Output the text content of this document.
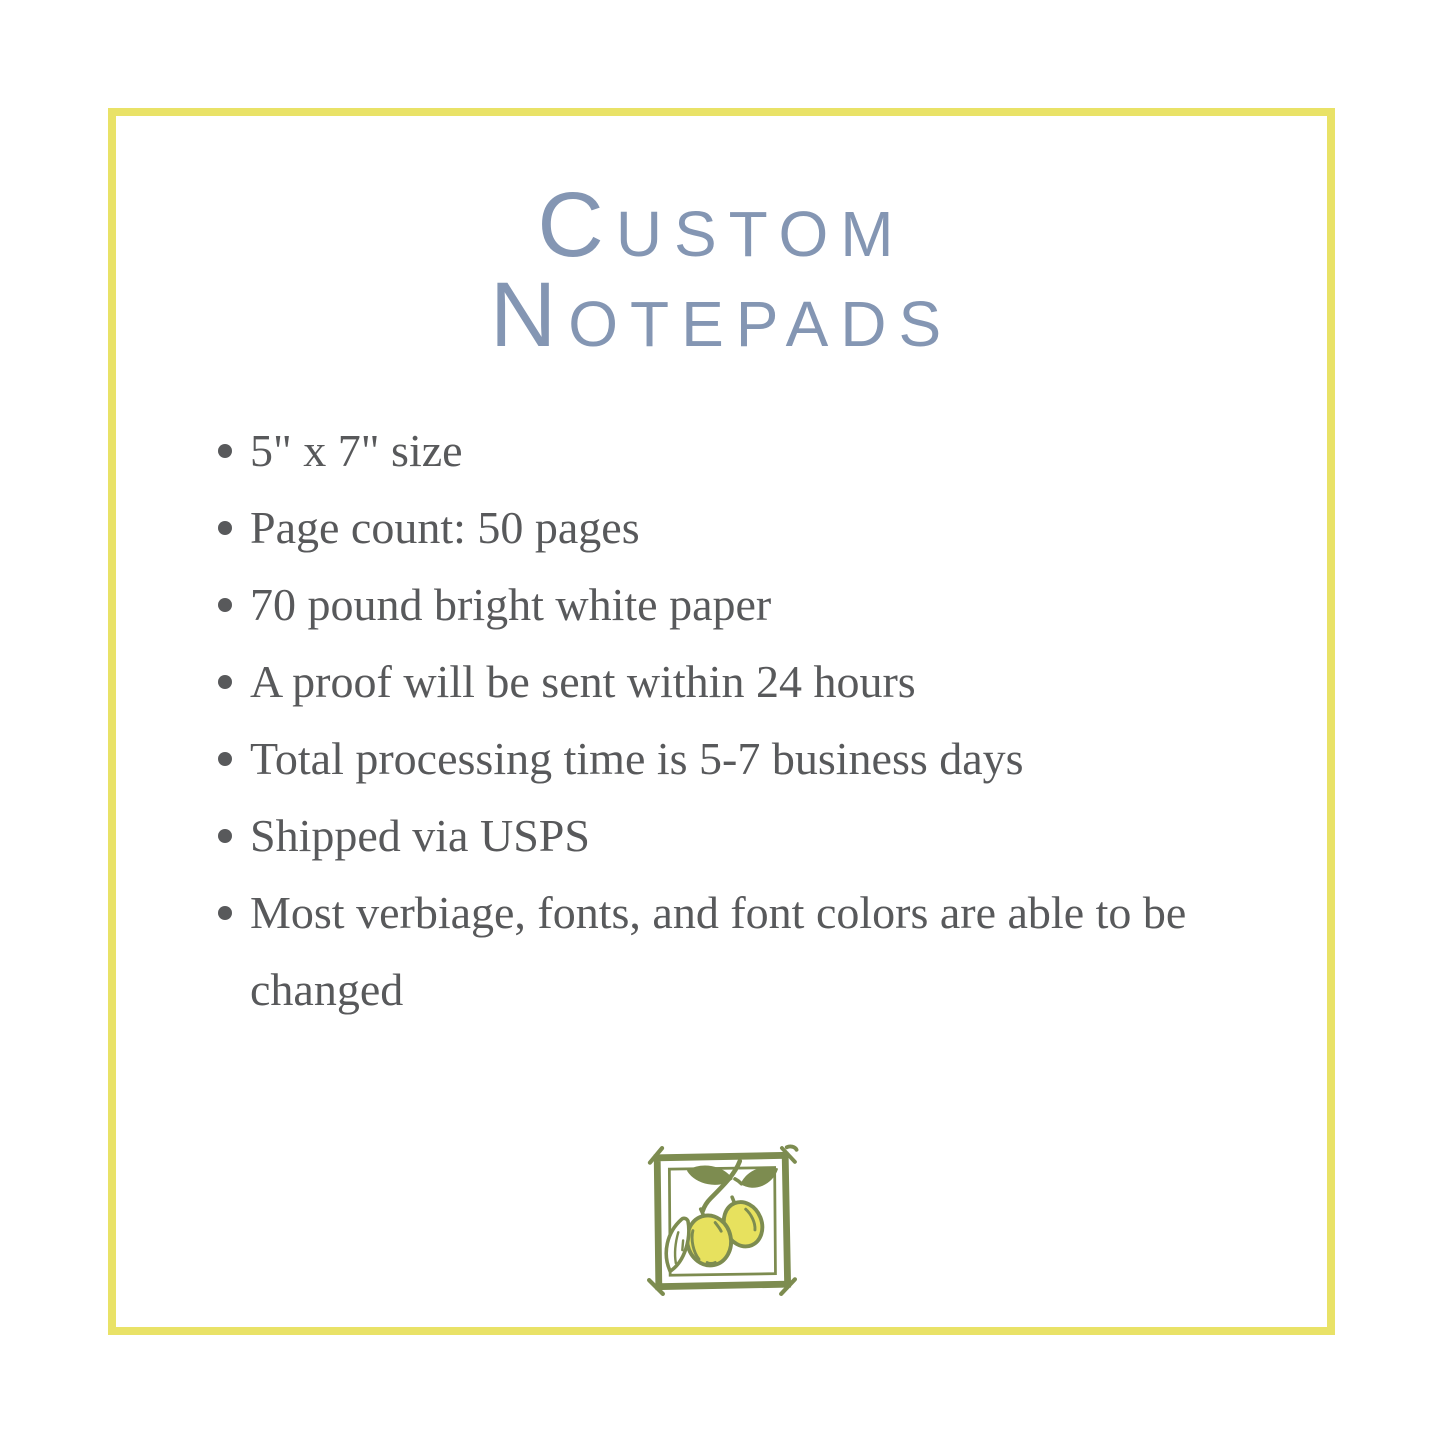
Custom
Notepads
5" x 7" size
Page count: 50 pages
70 pound bright white paper
A proof will be sent within 24 hours
Total processing time is 5-7 business days
Shipped via USPS
Most verbiage, fonts, and font colors are able to be changed
